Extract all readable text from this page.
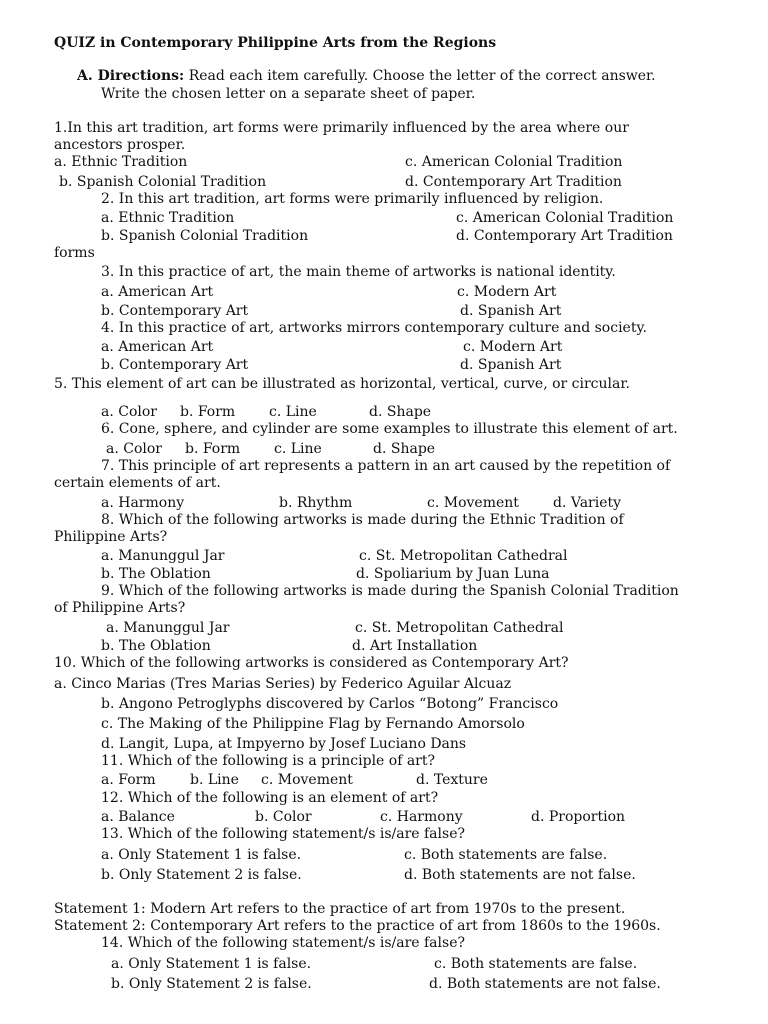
QUIZ in Contemporary Philippine Arts from the Regions
A. Directions: Read each item carefully. Choose the letter of the correct answer.
Write the chosen letter on a separate sheet of paper.
1.In this art tradition, art forms were primarily influenced by the area where our
ancestors prosper.
a. Ethnic Tradition	c. American Colonial Tradition
b. Spanish Colonial Tradition	d. Contemporary Art Tradition
2. In this art tradition, art forms were primarily influenced by religion.
a. Ethnic Tradition	c. American Colonial Tradition
b. Spanish Colonial Tradition	d. Contemporary Art Tradition
forms
3. In this practice of art, the main theme of artworks is national identity.
a. American Art	c. Modern Art
b. Contemporary Art	d. Spanish Art
4. In this practice of art, artworks mirrors contemporary culture and society.
a. American Art	c. Modern Art
b. Contemporary Art	d. Spanish Art
5. This element of art can be illustrated as horizontal, vertical, curve, or circular.
a. Color b. Form c. Line	d. Shape
6. Cone, sphere, and cylinder are some examples to illustrate this element of art.
a. Color b. Form c. Line	d. Shape
7. This principle of art represents a pattern in an art caused by the repetition of
certain elements of art.
a. Harmony	b. Rhythm	c. Movement d. Variety
8. Which of the following artworks is made during the Ethnic Tradition of
Philippine Arts?
a. Manunggul Jar	c. St. Metropolitan Cathedral
b. The Oblation	d. Spoliarium by Juan Luna
9. Which of the following artworks is made during the Spanish Colonial Tradition
of Philippine Arts?
a. Manunggul Jar	c. St. Metropolitan Cathedral
b. The Oblation	d. Art Installation
10. Which of the following artworks is considered as Contemporary Art?
a. Cinco Marias (Tres Marias Series) by Federico Aguilar Alcuaz
b. Angono Petroglyphs discovered by Carlos “Botong” Francisco
c. The Making of the Philippine Flag by Fernando Amorsolo
d. Langit, Lupa, at Impyerno by Josef Luciano Dans
11. Which of the following is a principle of art?
a. Form b. Line c. Movement	d. Texture
12. Which of the following is an element of art?
a. Balance	b. Color	c. Harmony	d. Proportion
13. Which of the following statement/s is/are false?
a. Only Statement 1 is false.	c. Both statements are false.
b. Only Statement 2 is false.	d. Both statements are not false.
Statement 1: Modern Art refers to the practice of art from 1970s to the present.
Statement 2: Contemporary Art refers to the practice of art from 1860s to the 1960s.
14. Which of the following statement/s is/are false?
a. Only Statement 1 is false.	c. Both statements are false.
b. Only Statement 2 is false.	d. Both statements are not false.
